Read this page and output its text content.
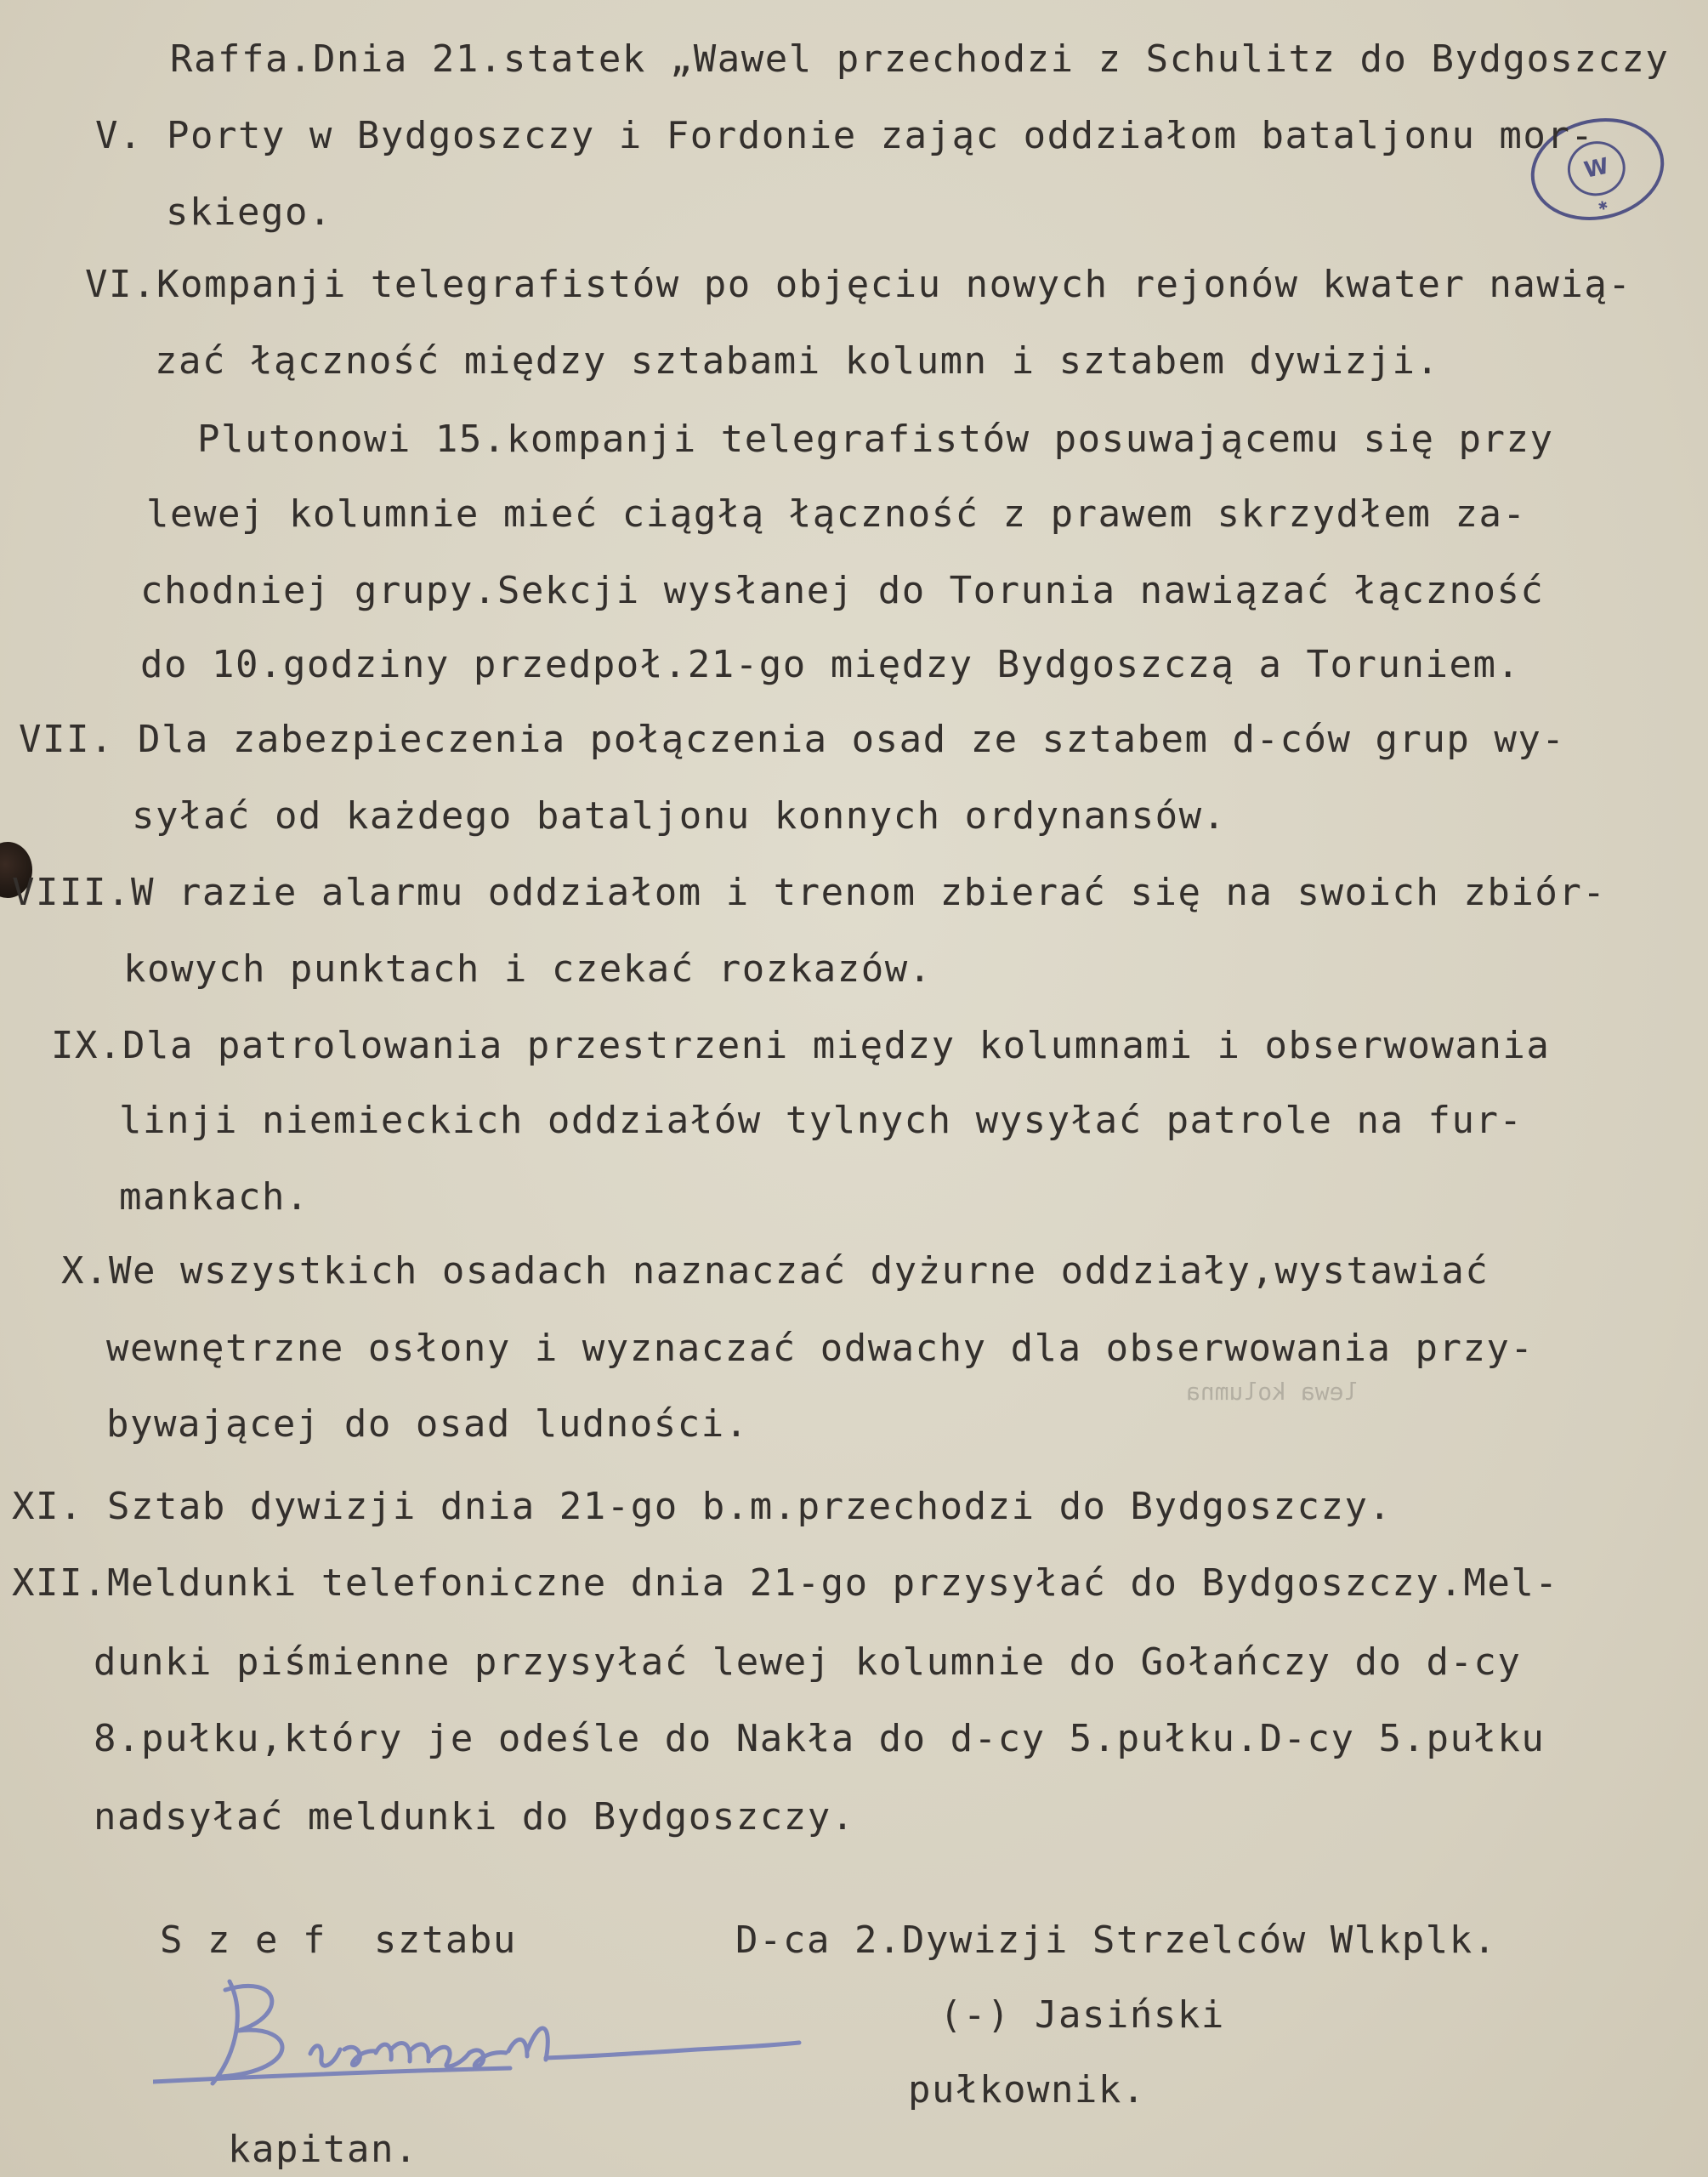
W
✱
Raffa.Dnia 21.statek „Wawel przechodzi z Schulitz do Bydgoszczy
V. Porty w Bydgoszczy i Fordonie zając oddziałom bataljonu mor-
skiego.
VI.Kompanji telegrafistów po objęciu nowych rejonów kwater nawią-
zać łączność między sztabami kolumn i sztabem dywizji.
Plutonowi 15.kompanji telegrafistów posuwającemu się przy
lewej kolumnie mieć ciągłą łączność z prawem skrzydłem za-
chodniej grupy.Sekcji wysłanej do Torunia nawiązać łączność
do 10.godziny przedpoł.21-go między Bydgoszczą a Toruniem.
VII. Dla zabezpieczenia połączenia osad ze sztabem d-ców grup wy-
syłać od każdego bataljonu konnych ordynansów.
VIII.W razie alarmu oddziałom i trenom zbierać się na swoich zbiór-
kowych punktach i czekać rozkazów.
IX.Dla patrolowania przestrzeni między kolumnami i obserwowania
linji niemieckich oddziałów tylnych wysyłać patrole na fur-
mankach.
X.We wszystkich osadach naznaczać dyżurne oddziały,wystawiać
wewnętrzne osłony i wyznaczać odwachy dla obserwowania przy-
bywającej do osad ludności.
XI. Sztab dywizji dnia 21-go b.m.przechodzi do Bydgoszczy.
XII.Meldunki telefoniczne dnia 21-go przysyłać do Bydgoszczy.Mel-
dunki piśmienne przysyłać lewej kolumnie do Gołańczy do d-cy
8.pułku,który je odeśle do Nakła do d-cy 5.pułku.D-cy 5.pułku
nadsyłać meldunki do Bydgoszczy.
lewa kolumna
S z e f  sztabu	D-ca 2.Dywizji Strzelców Wlkplk.
(-) Jasiński
pułkownik.
kapitan.
